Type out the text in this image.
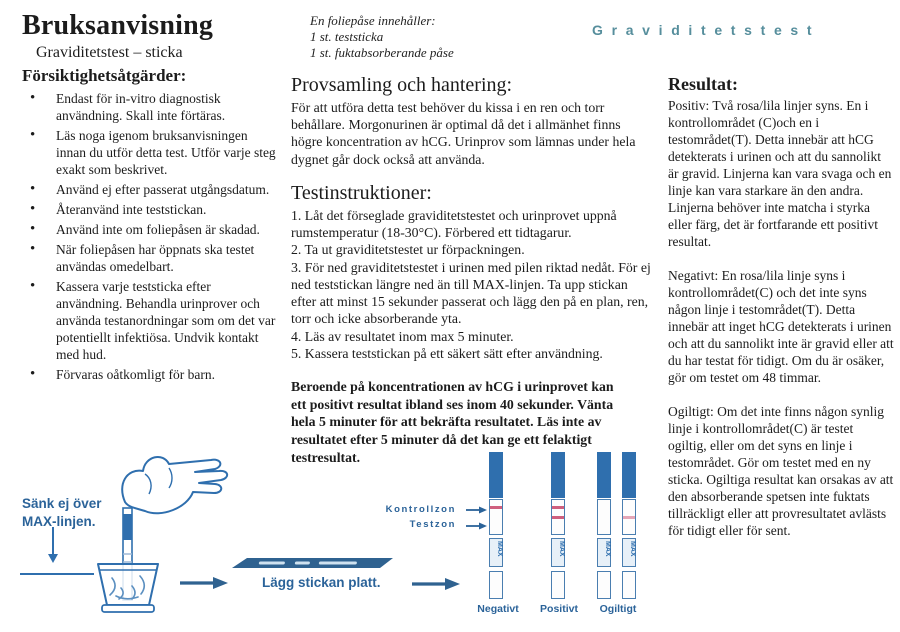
Bruksanvisning
Graviditetstest – sticka
En foliepåse innehåller:
1 st. teststicka
1 st. fuktabsorberande påse
Graviditetstest
Försiktighetsåtgärder:
• Endast för in-vitro diagnostisk användning. Skall inte förtäras.
• Läs noga igenom bruksanvisningen innan du utför detta test. Utför varje steg exakt som beskrivet.
• Använd ej efter passerat utgångsdatum.
• Återanvänd inte teststickan.
• Använd inte om foliepåsen är skadad.
• När foliepåsen har öppnats ska testet användas omedelbart.
• Kassera varje teststicka efter användning. Behandla urinprover och använda testanordningar som om det var potentiellt infektiösa. Undvik kontakt med hud.
• Förvaras oåtkomligt för barn.
Provsamling och hantering:

För att utföra detta test behöver du kissa i en ren och torr behållare. Morgonurinen är optimal då det i allmänhet finns högre koncentration av hCG. Urinprov som lämnas under hela dygnet går dock också att använda.

Testinstruktioner:

1. Låt det förseglade graviditetstestet och urinprovet uppnå rumstemperatur (18-30°C). Förbered ett tidtagarur.

2. Ta ut graviditetstestet ur förpackningen.

3. För ned graviditetstestet i urinen med pilen riktad nedåt. För ej ned teststickan längre ned än till MAX-linjen. Ta upp stickan efter att minst 15 sekunder passerat och lägg den på en plan, ren, torr och icke absorberande yta.

4. Läs av resultatet inom max 5 minuter.

5. Kassera teststickan på ett säkert sätt efter användning.

Beroende på koncentrationen av hCG i urinprovet kan ett positivt resultat ibland ses inom 40 sekunder. Vänta hela 5 minuter för att bekräfta resultatet. Läs inte av resultatet efter 5 minuter då det kan ge ett felaktigt testresultat.

Resultat:

Positiv: Två rosa/lila linjer syns. En i kontrollområdet (C)och en i testområdet(T). Detta innebär att hCG detekterats i urinen och att du sannolikt är gravid. Linjerna kan vara svaga och en linje kan vara starkare än den andra. Linjerna behöver inte matcha i styrka eller färg, det är fortfarande ett positivt resultat.

Negativt: En rosa/lila linje syns i kontrollområdet(C) och det inte syns någon linje i testområdet(T). Detta innebär att inget hCG detekterats i urinen och att du sannolikt inte är gravid eller att du har testat för tidigt. Om du är osäker, gör om testet om 48 timmar.

Ogiltigt: Om det inte finns någon synlig linje i kontrollområdet(C) är testet ogiltig, eller om det syns en linje i testområdet. Gör om testet med en ny sticka. Ogiltiga resultat kan orsakas av att den absorberande spetsen inte fuktats tillräckligt eller att provresultatet avlästs för tidigt eller för sent.

Sänk ej över
MAX-linjen.
Lägg stickan platt.
Kontrollzon
Testzon
MAX	MAX	MAX	MAX
Negativt	Positivt	Ogiltigt
